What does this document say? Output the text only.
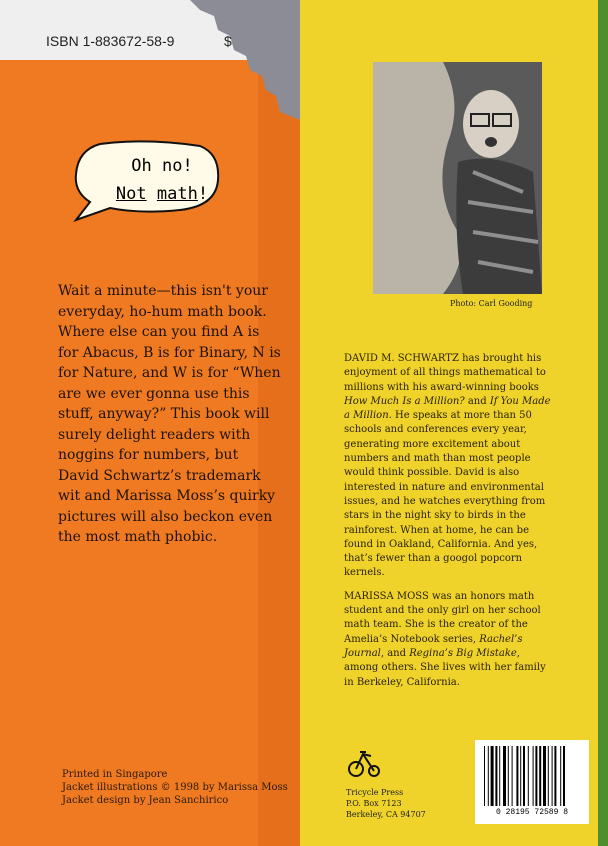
ISBN 1-883672-58-9	$
Oh no!
Not math!

Wait a minute—this isn't your everyday, ho-hum math book. Where else can you find A is for Abacus, B is for Binary, N is for Nature, and W is for “When are we ever gonna use this stuff, anyway?” This book will surely delight readers with noggins for numbers, but David Schwartz’s trademark wit and Marissa Moss’s quirky pictures will also beckon even the most math phobic.

Printed in Singapore
Jacket illustrations © 1998 by Marissa Moss
Jacket design by Jean Sanchirico
Photo: Carl Gooding

DAVID M. SCHWARTZ has brought his enjoyment of all things mathematical to millions with his award-winning books How Much Is a Million? and If You Made a Million. He speaks at more than 50 schools and conferences every year, generating more excitement about numbers and math than most people would think possible. David is also interested in nature and environmental issues, and he watches everything from stars in the night sky to birds in the rainforest. When at home, he can be found in Oakland, California. And yes, that’s fewer than a googol popcorn kernels.

MARISSA MOSS was an honors math student and the only girl on her school math team. She is the creator of the Amelia’s Notebook series, Rachel’s Journal, and Regina’s Big Mistake, among others. She lives with her family in Berkeley, California.

Tricycle Press
P.O. Box 7123
Berkeley, CA 94707	0 28195 72589 8
